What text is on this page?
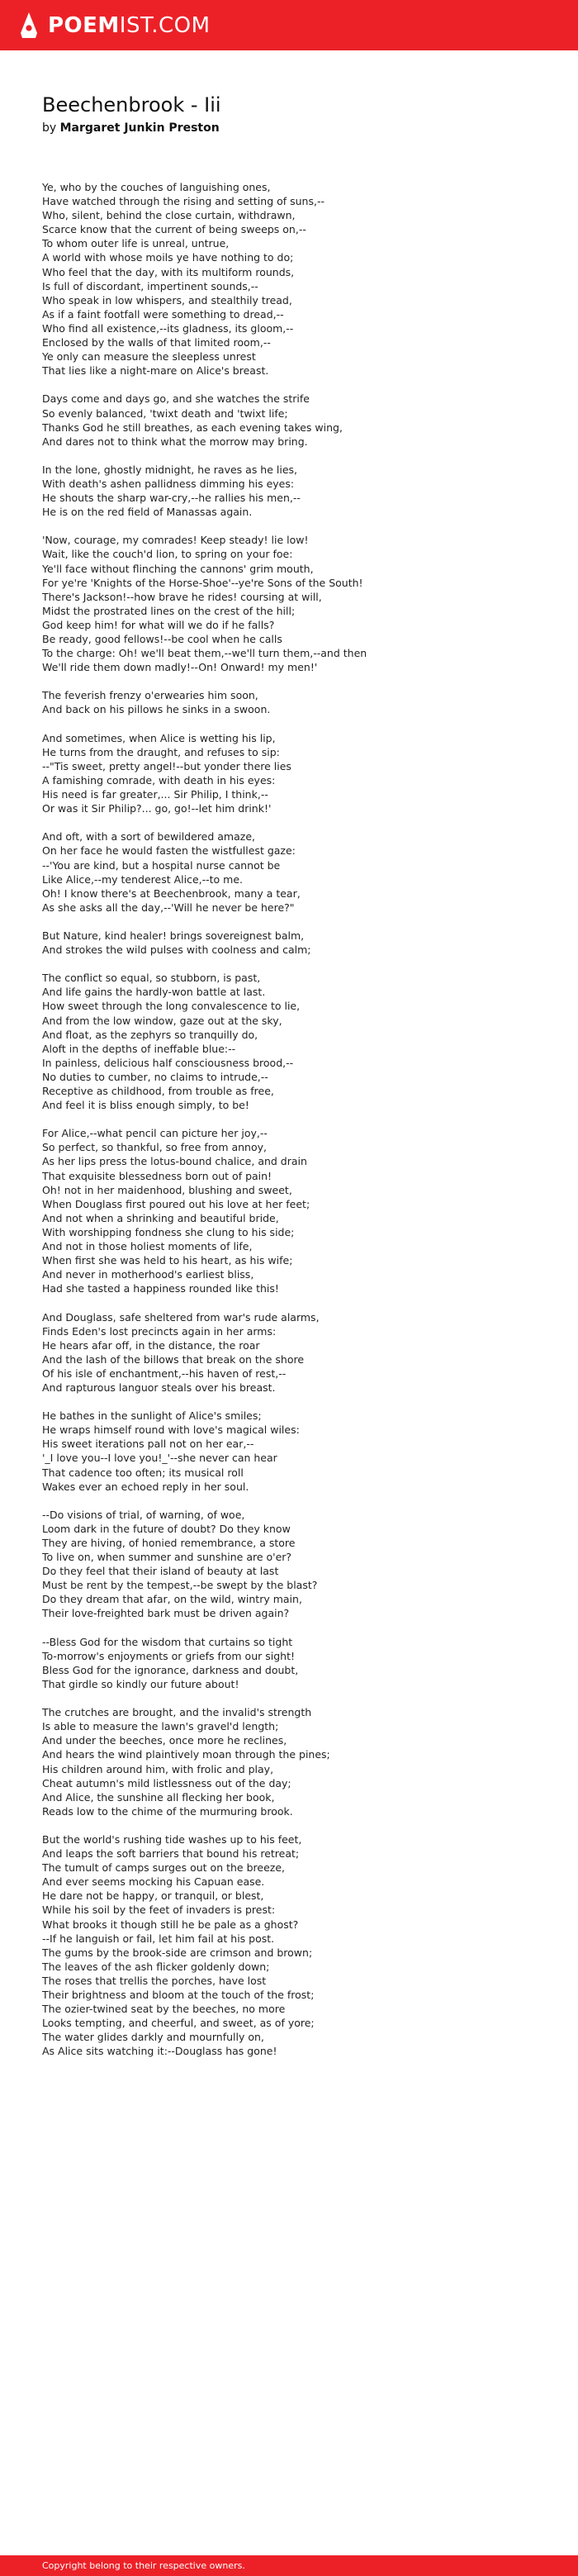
POEMIST.COM
Beechenbrook - Iii
by Margaret Junkin Preston
Ye, who by the couches of languishing ones,
Have watched through the rising and setting of suns,--
Who, silent, behind the close curtain, withdrawn,
Scarce know that the current of being sweeps on,--
To whom outer life is unreal, untrue,
A world with whose moils ye have nothing to do;
Who feel that the day, with its multiform rounds,
Is full of discordant, impertinent sounds,--
Who speak in low whispers, and stealthily tread,
As if a faint footfall were something to dread,--
Who find all existence,--its gladness, its gloom,--
Enclosed by the walls of that limited room,--
Ye only can measure the sleepless unrest
That lies like a night-mare on Alice's breast.
Days come and days go, and she watches the strife
So evenly balanced, 'twixt death and 'twixt life;
Thanks God he still breathes, as each evening takes wing,
And dares not to think what the morrow may bring.
In the lone, ghostly midnight, he raves as he lies,
With death's ashen pallidness dimming his eyes:
He shouts the sharp war-cry,--he rallies his men,--
He is on the red field of Manassas again.
'Now, courage, my comrades! Keep steady! lie low!
Wait, like the couch'd lion, to spring on your foe:
Ye'll face without flinching the cannons' grim mouth,
For ye're 'Knights of the Horse-Shoe'--ye're Sons of the South!
There's Jackson!--how brave he rides! coursing at will,
Midst the prostrated lines on the crest of the hill;
God keep him! for what will we do if he falls?
Be ready, good fellows!--be cool when he calls
To the charge: Oh! we'll beat them,--we'll turn them,--and then
We'll ride them down madly!--On! Onward! my men!'
The feverish frenzy o'erwearies him soon,
And back on his pillows he sinks in a swoon.
And sometimes, when Alice is wetting his lip,
He turns from the draught, and refuses to sip:
--"Tis sweet, pretty angel!--but yonder there lies
A famishing comrade, with death in his eyes:
His need is far greater,... Sir Philip, I think,--
Or was it Sir Philip?... go, go!--let him drink!'
And oft, with a sort of bewildered amaze,
On her face he would fasten the wistfullest gaze:
--'You are kind, but a hospital nurse cannot be
Like Alice,--my tenderest Alice,--to me.
Oh! I know there's at Beechenbrook, many a tear,
As she asks all the day,--'Will he never be here?"
But Nature, kind healer! brings sovereignest balm,
And strokes the wild pulses with coolness and calm;
The conflict so equal, so stubborn, is past,
And life gains the hardly-won battle at last.
How sweet through the long convalescence to lie,
And from the low window, gaze out at the sky,
And float, as the zephyrs so tranquilly do,
Aloft in the depths of ineffable blue:--
In painless, delicious half consciousness brood,--
No duties to cumber, no claims to intrude,--
Receptive as childhood, from trouble as free,
And feel it is bliss enough simply, to be!
For Alice,--what pencil can picture her joy,--
So perfect, so thankful, so free from annoy,
As her lips press the lotus-bound chalice, and drain
That exquisite blessedness born out of pain!
Oh! not in her maidenhood, blushing and sweet,
When Douglass first poured out his love at her feet;
And not when a shrinking and beautiful bride,
With worshipping fondness she clung to his side;
And not in those holiest moments of life,
When first she was held to his heart, as his wife;
And never in motherhood's earliest bliss,
Had she tasted a happiness rounded like this!
And Douglass, safe sheltered from war's rude alarms,
Finds Eden's lost precincts again in her arms:
He hears afar off, in the distance, the roar
And the lash of the billows that break on the shore
Of his isle of enchantment,--his haven of rest,--
And rapturous languor steals over his breast.
He bathes in the sunlight of Alice's smiles;
He wraps himself round with love's magical wiles:
His sweet iterations pall not on her ear,--
'_I love you--I love you!_'--she never can hear
That cadence too often; its musical roll
Wakes ever an echoed reply in her soul.
--Do visions of trial, of warning, of woe,
Loom dark in the future of doubt? Do they know
They are hiving, of honied remembrance, a store
To live on, when summer and sunshine are o'er?
Do they feel that their island of beauty at last
Must be rent by the tempest,--be swept by the blast?
Do they dream that afar, on the wild, wintry main,
Their love-freighted bark must be driven again?
--Bless God for the wisdom that curtains so tight
To-morrow's enjoyments or griefs from our sight!
Bless God for the ignorance, darkness and doubt,
That girdle so kindly our future about!
The crutches are brought, and the invalid's strength
Is able to measure the lawn's gravel'd length;
And under the beeches, once more he reclines,
And hears the wind plaintively moan through the pines;
His children around him, with frolic and play,
Cheat autumn's mild listlessness out of the day;
And Alice, the sunshine all flecking her book,
Reads low to the chime of the murmuring brook.
But the world's rushing tide washes up to his feet,
And leaps the soft barriers that bound his retreat;
The tumult of camps surges out on the breeze,
And ever seems mocking his Capuan ease.
He dare not be happy, or tranquil, or blest,
While his soil by the feet of invaders is prest:
What brooks it though still he be pale as a ghost?
--If he languish or fail, let him fail at his post.
The gums by the brook-side are crimson and brown;
The leaves of the ash flicker goldenly down;
The roses that trellis the porches, have lost
Their brightness and bloom at the touch of the frost;
The ozier-twined seat by the beeches, no more
Looks tempting, and cheerful, and sweet, as of yore;
The water glides darkly and mournfully on,
As Alice sits watching it:--Douglass has gone!
Copyright belong to their respective owners.
